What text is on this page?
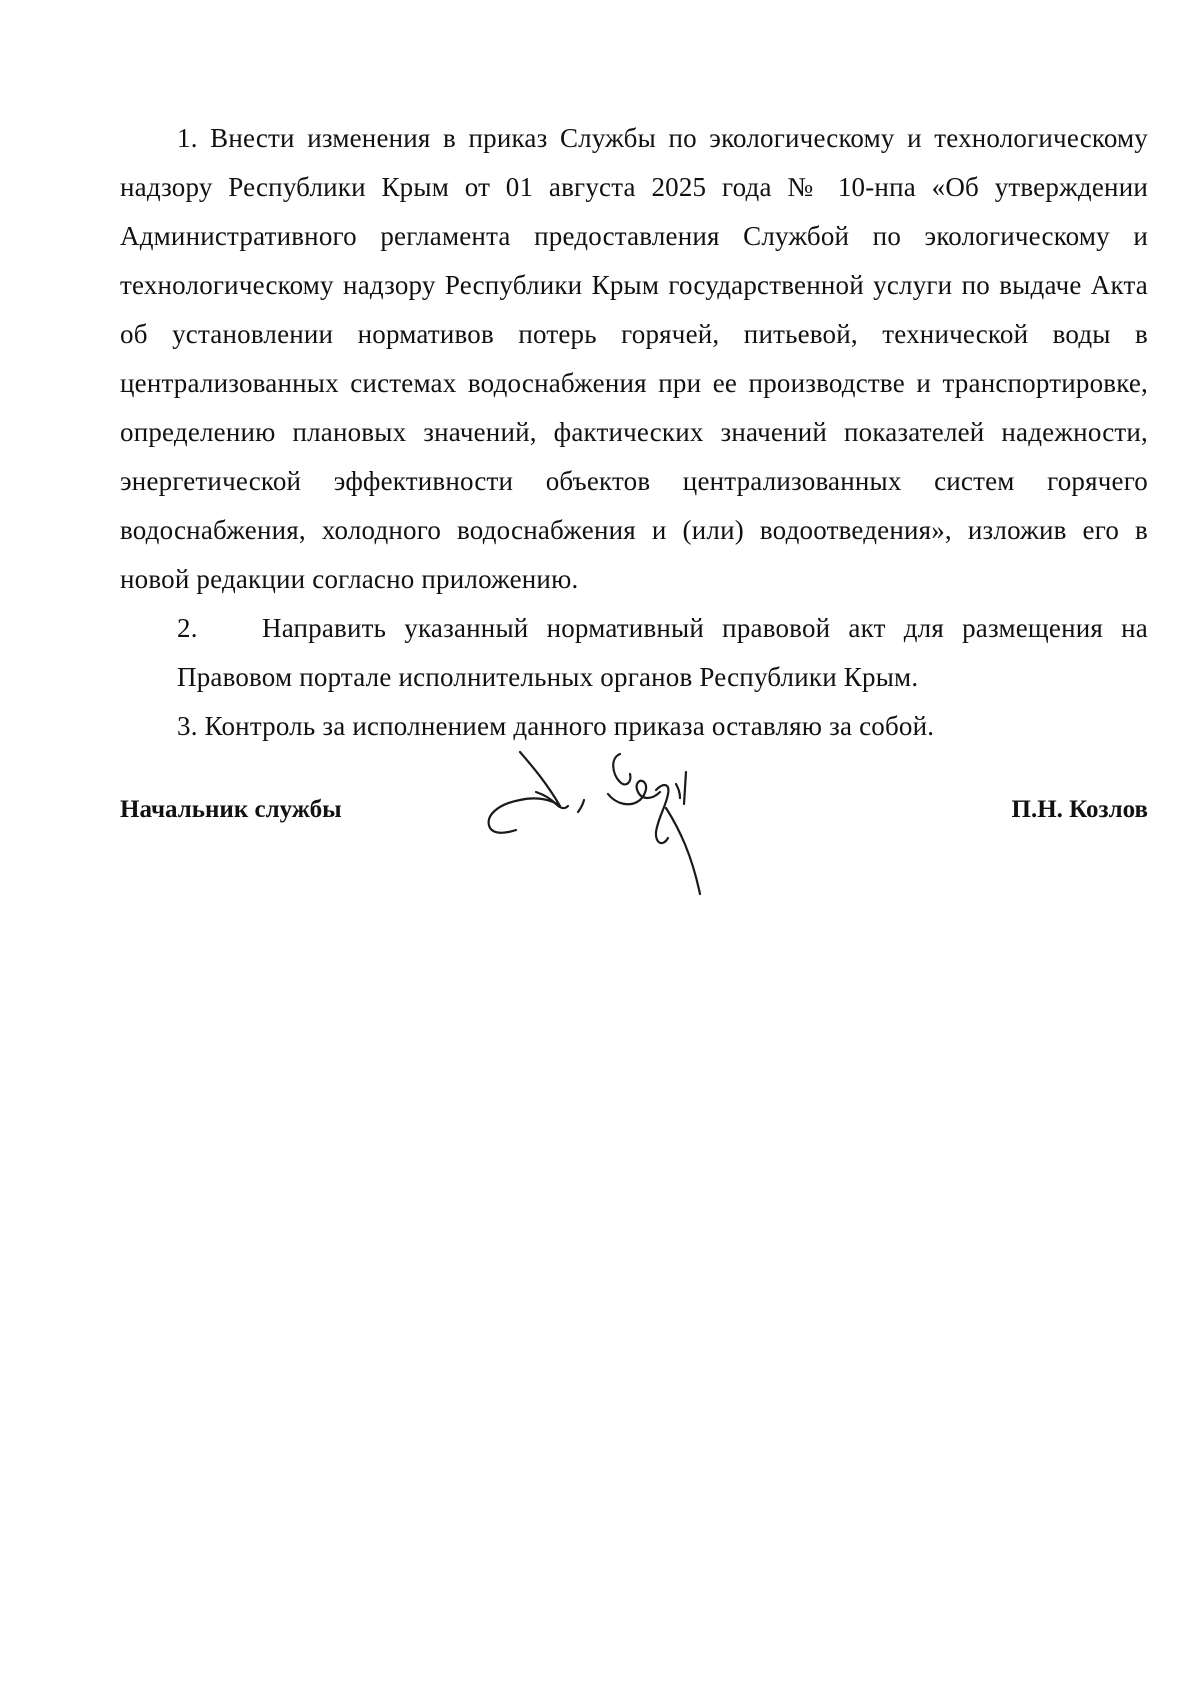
1. Внести изменения в приказ Службы по экологическому и технологическому надзору Республики Крым от 01 августа 2025 года № 10-нпа «Об утверждении Административного регламента предоставления Службой по экологическому и технологическому надзору Республики Крым государственной услуги по выдаче Акта об установлении нормативов потерь горячей, питьевой, технической воды в централизованных системах водоснабжения при ее производстве и транспортировке, определению плановых значений, фактических значений показателей надежности, энергетической эффективности объектов централизованных систем горячего водоснабжения, холодного водоснабжения и (или) водоотведения», изложив его в новой редакции согласно приложению.

2. Направить указанный нормативный правовой акт для размещения на Правовом портале исполнительных органов Республики Крым.

3. Контроль за исполнением данного приказа оставляю за собой.

Начальник службы	П.Н. Козлов
